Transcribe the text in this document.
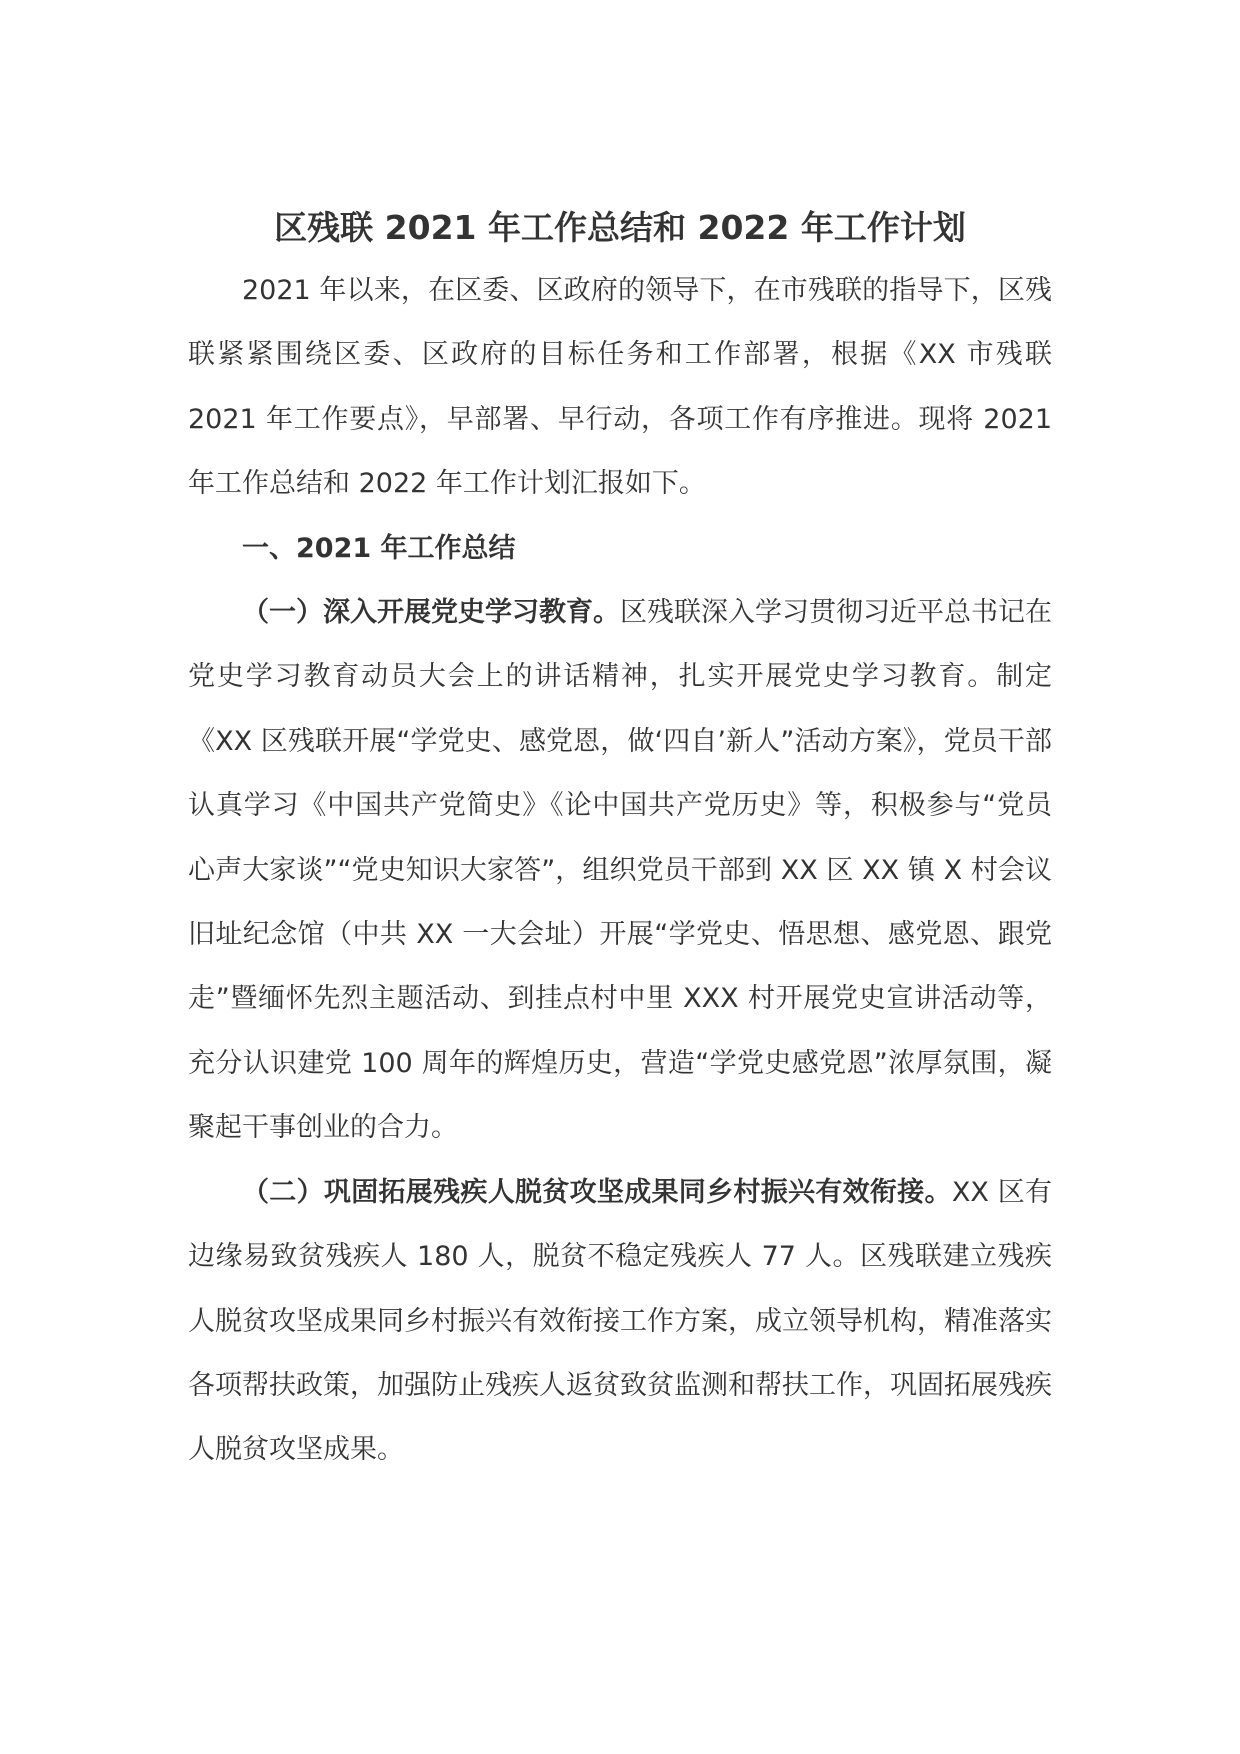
区残联 2021 年工作总结和 2022 年工作计划

2021 年以来，在区委、区政府的领导下，在市残联的指导下，区残联紧紧围绕区委、区政府的目标任务和工作部署，根据《XX 市残联 2021 年工作要点》，早部署、早行动，各项工作有序推进。现将 2021 年工作总结和 2022 年工作计划汇报如下。

一、2021 年工作总结

（一）深入开展党史学习教育。区残联深入学习贯彻习近平总书记在党史学习教育动员大会上的讲话精神，扎实开展党史学习教育。制定《XX 区残联开展“学党史、感党恩，做‘四自’新人”活动方案》，党员干部认真学习《中国共产党简史》《论中国共产党历史》等，积极参与“党员心声大家谈”“党史知识大家答”，组织党员干部到 XX 区 XX 镇 X 村会议旧址纪念馆（中共 XX 一大会址）开展“学党史、悟思想、感党恩、跟党走”暨缅怀先烈主题活动、到挂点村中里 XXX 村开展党史宣讲活动等，充分认识建党 100 周年的辉煌历史，营造“学党史感党恩”浓厚氛围，凝聚起干事创业的合力。

（二）巩固拓展残疾人脱贫攻坚成果同乡村振兴有效衔接。XX 区有边缘易致贫残疾人 180 人，脱贫不稳定残疾人 77 人。区残联建立残疾人脱贫攻坚成果同乡村振兴有效衔接工作方案，成立领导机构，精准落实各项帮扶政策，加强防止残疾人返贫致贫监测和帮扶工作，巩固拓展残疾人脱贫攻坚成果。
